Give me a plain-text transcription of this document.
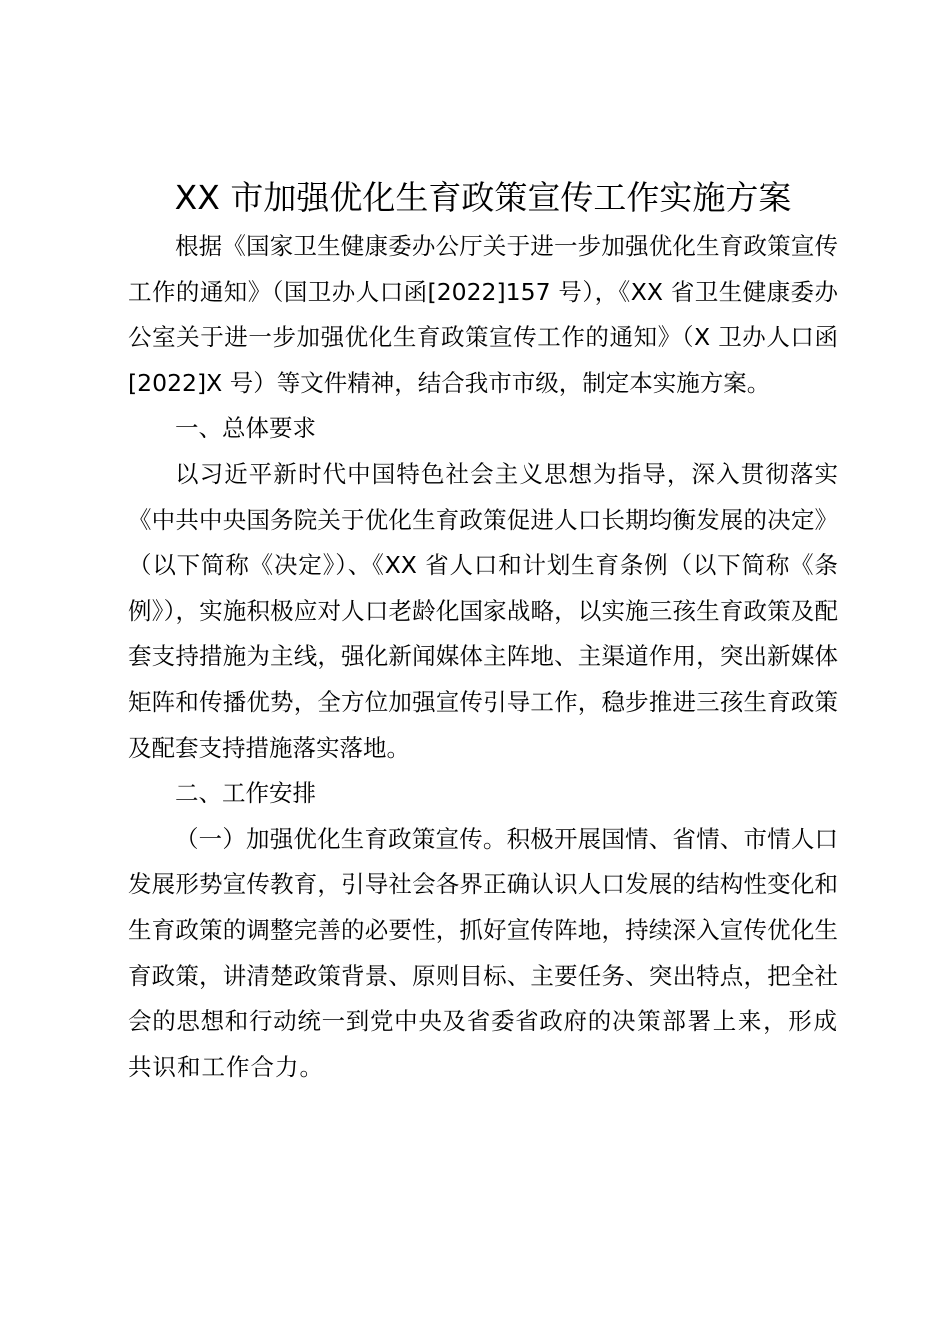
XX 市加强优化生育政策宣传工作实施方案

根据《国家卫生健康委办公厅关于进一步加强优化生育政策宣传工作的通知》（国卫办人口函[2022]157 号），《XX 省卫生健康委办公室关于进一步加强优化生育政策宣传工作的通知》（X 卫办人口函[2022]X 号）等文件精神，结合我市市级，制定本实施方案。

一、总体要求

以习近平新时代中国特色社会主义思想为指导，深入贯彻落实《中共中央国务院关于优化生育政策促进人口长期均衡发展的决定》（以下简称《决定》）、《XX 省人口和计划生育条例（以下简称《条例》），实施积极应对人口老龄化国家战略，以实施三孩生育政策及配套支持措施为主线，强化新闻媒体主阵地、主渠道作用，突出新媒体矩阵和传播优势，全方位加强宣传引导工作，稳步推进三孩生育政策及配套支持措施落实落地。

二、工作安排

（一）加强优化生育政策宣传。积极开展国情、省情、市情人口发展形势宣传教育，引导社会各界正确认识人口发展的结构性变化和生育政策的调整完善的必要性，抓好宣传阵地，持续深入宣传优化生育政策，讲清楚政策背景、原则目标、主要任务、突出特点，把全社会的思想和行动统一到党中央及省委省政府的决策部署上来，形成共识和工作合力。
